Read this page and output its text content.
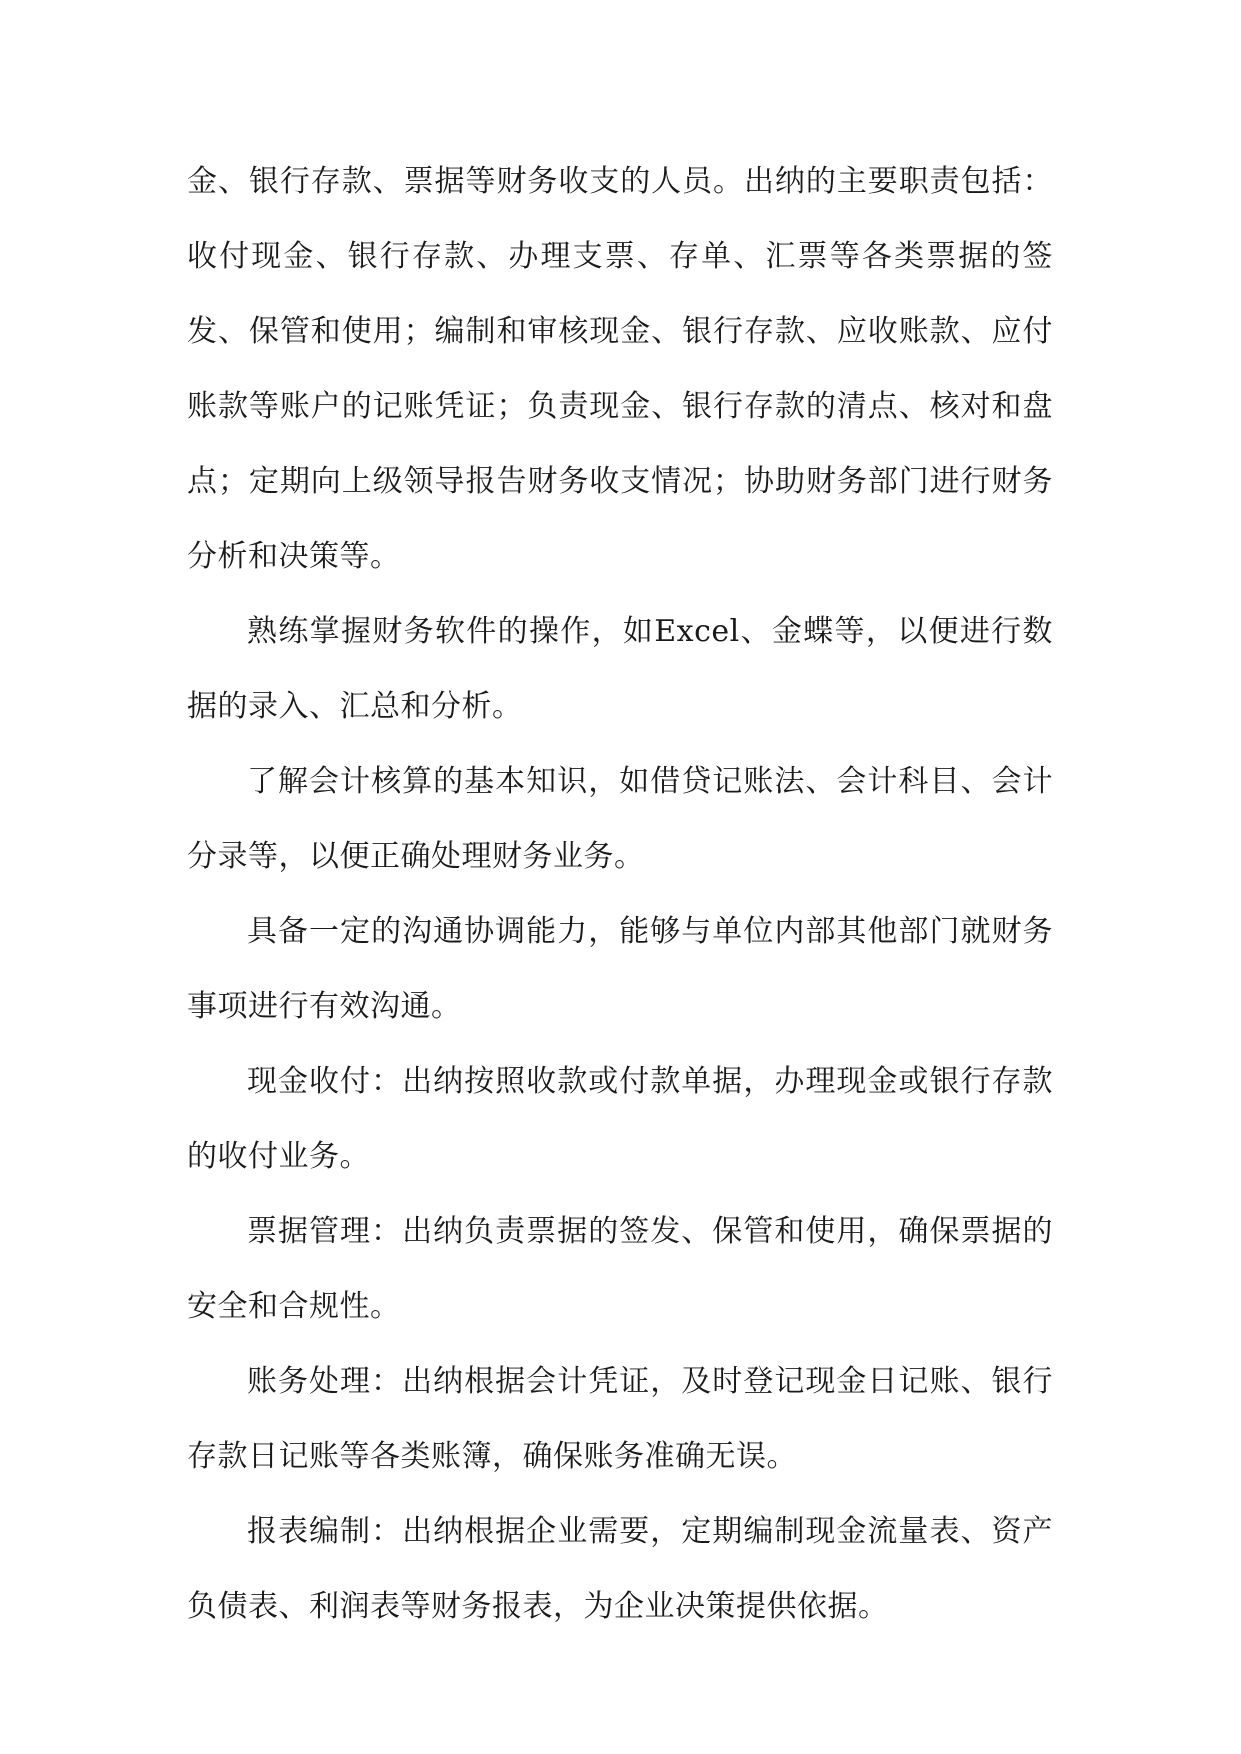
金、银行存款、票据等财务收支的人员。出纳的主要职责包括：收付现金、银行存款、办理支票、存单、汇票等各类票据的签发、保管和使用；编制和审核现金、银行存款、应收账款、应付账款等账户的记账凭证；负责现金、银行存款的清点、核对和盘点；定期向上级领导报告财务收支情况；协助财务部门进行财务分析和决策等。

熟练掌握财务软件的操作，如Excel、金蝶等，以便进行数据的录入、汇总和分析。

了解会计核算的基本知识，如借贷记账法、会计科目、会计分录等，以便正确处理财务业务。

具备一定的沟通协调能力，能够与单位内部其他部门就财务事项进行有效沟通。

现金收付：出纳按照收款或付款单据，办理现金或银行存款的收付业务。

票据管理：出纳负责票据的签发、保管和使用，确保票据的安全和合规性。

账务处理：出纳根据会计凭证，及时登记现金日记账、银行存款日记账等各类账簿，确保账务准确无误。

报表编制：出纳根据企业需要，定期编制现金流量表、资产负债表、利润表等财务报表，为企业决策提供依据。
